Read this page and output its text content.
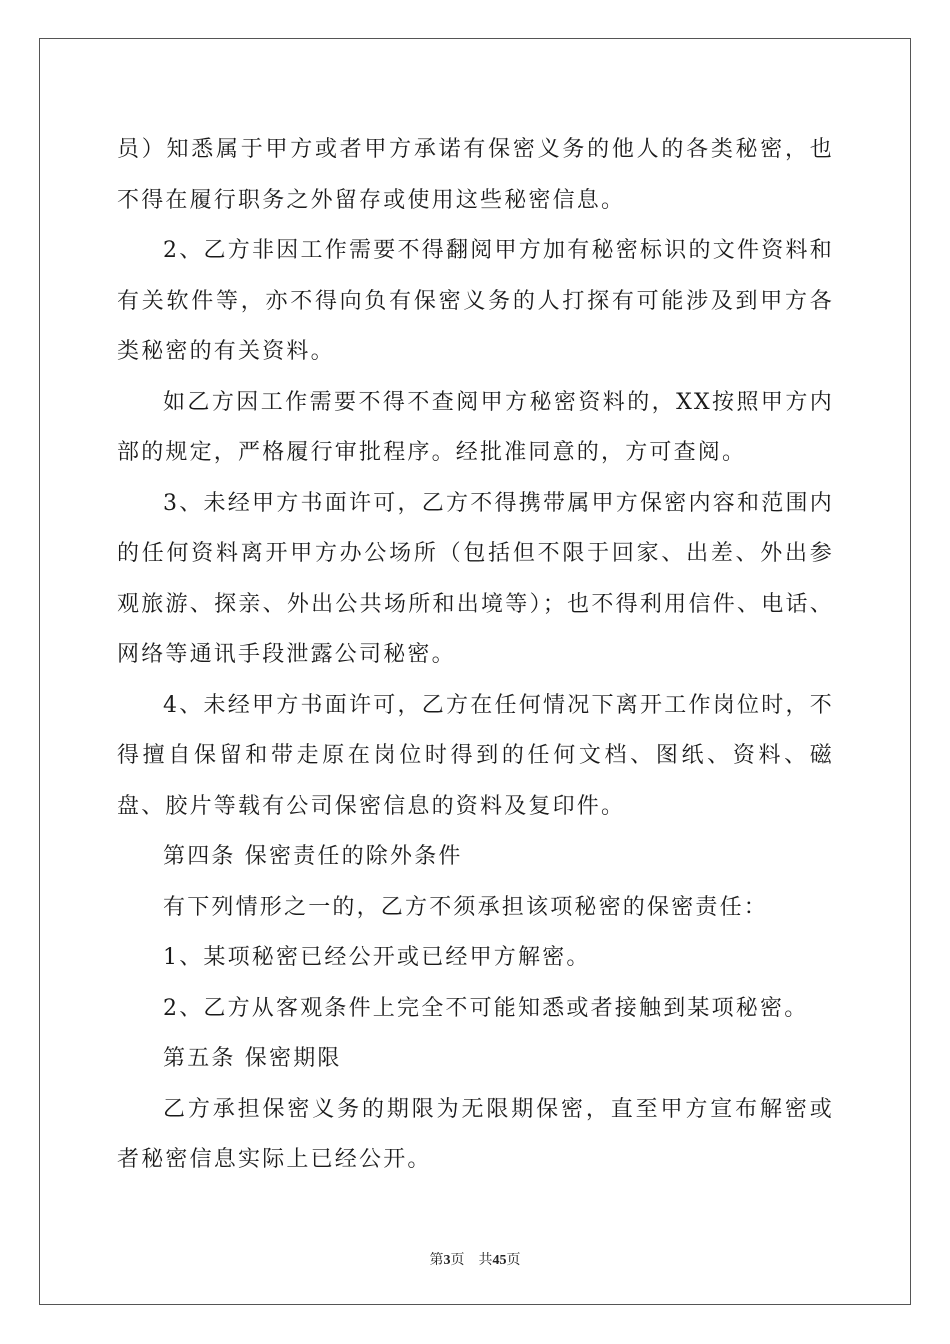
员）知悉属于甲方或者甲方承诺有保密义务的他人的各类秘密，也不得在履行职务之外留存或使用这些秘密信息。

2、乙方非因工作需要不得翻阅甲方加有秘密标识的文件资料和有关软件等，亦不得向负有保密义务的人打探有可能涉及到甲方各类秘密的有关资料。

如乙方因工作需要不得不查阅甲方秘密资料的，XX按照甲方内部的规定，严格履行审批程序。经批准同意的，方可查阅。

3、未经甲方书面许可，乙方不得携带属甲方保密内容和范围内的任何资料离开甲方办公场所（包括但不限于回家、出差、外出参观旅游、探亲、外出公共场所和出境等）；也不得利用信件、电话、网络等通讯手段泄露公司秘密。

4、未经甲方书面许可，乙方在任何情况下离开工作岗位时，不得擅自保留和带走原在岗位时得到的任何文档、图纸、资料、磁盘、胶片等载有公司保密信息的资料及复印件。

第四条 保密责任的除外条件

有下列情形之一的，乙方不须承担该项秘密的保密责任：

1、某项秘密已经公开或已经甲方解密。

2、乙方从客观条件上完全不可能知悉或者接触到某项秘密。

第五条 保密期限

乙方承担保密义务的期限为无限期保密，直至甲方宣布解密或者秘密信息实际上已经公开。

第3页 共45页
